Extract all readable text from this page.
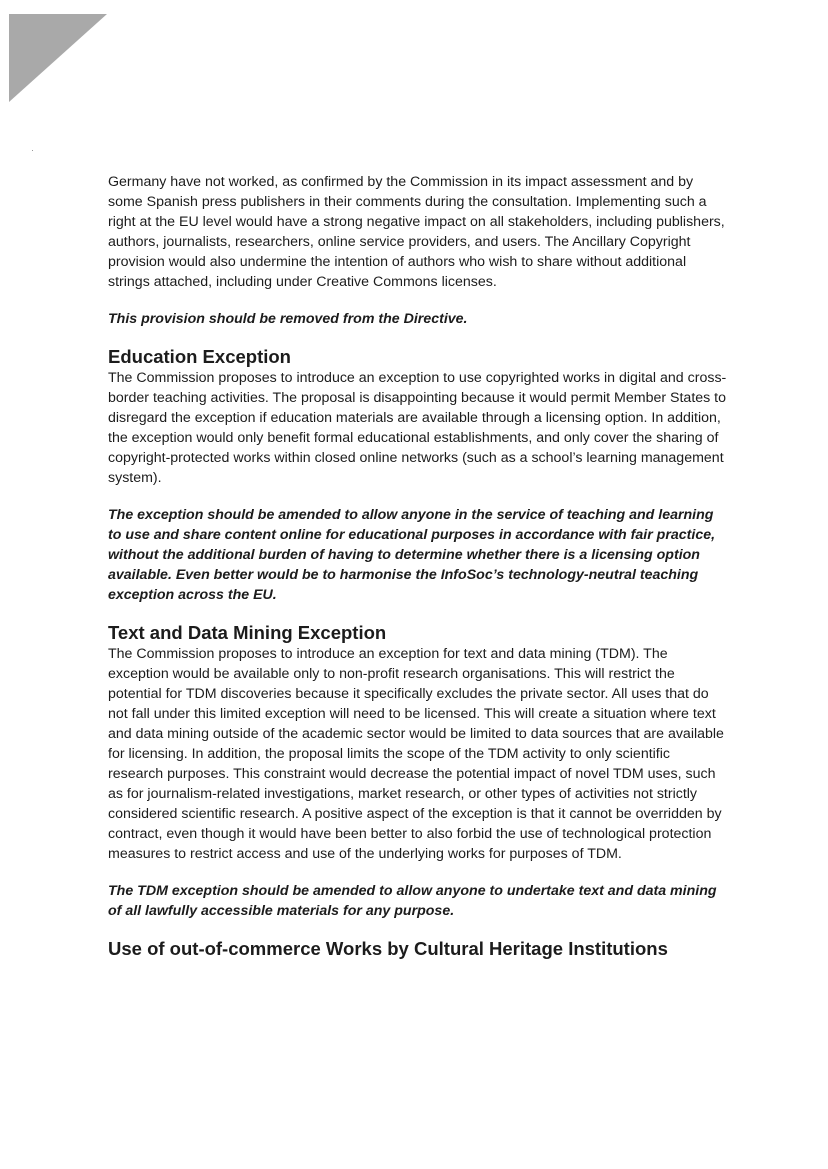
Germany have not worked, as confirmed by the Commission in its impact assessment and by some Spanish press publishers in their comments during the consultation. Implementing such a right at the EU level would have a strong negative impact on all stakeholders, including publishers, authors, journalists, researchers, online service providers, and users. The Ancillary Copyright provision would also undermine the intention of authors who wish to share without additional strings attached, including under Creative Commons licenses.

This provision should be removed from the Directive.

Education Exception

The Commission proposes to introduce an exception to use copyrighted works in digital and cross-border teaching activities. The proposal is disappointing because it would permit Member States to disregard the exception if education materials are available through a licensing option. In addition, the exception would only benefit formal educational establishments, and only cover the sharing of copyright-protected works within closed online networks (such as a school’s learning management system).

The exception should be amended to allow anyone in the service of teaching and learning to use and share content online for educational purposes in accordance with fair practice, without the additional burden of having to determine whether there is a licensing option available. Even better would be to harmonise the InfoSoc’s technology-neutral teaching exception across the EU.

Text and Data Mining Exception

The Commission proposes to introduce an exception for text and data mining (TDM). The exception would be available only to non-profit research organisations. This will restrict the potential for TDM discoveries because it specifically excludes the private sector. All uses that do not fall under this limited exception will need to be licensed. This will create a situation where text and data mining outside of the academic sector would be limited to data sources that are available for licensing. In addition, the proposal limits the scope of the TDM activity to only scientific research purposes. This constraint would decrease the potential impact of novel TDM uses, such as for journalism-related investigations, market research, or other types of activities not strictly considered scientific research. A positive aspect of the exception is that it cannot be overridden by contract, even though it would have been better to also forbid the use of technological protection measures to restrict access and use of the underlying works for purposes of TDM.

The TDM exception should be amended to allow anyone to undertake text and data mining of all lawfully accessible materials for any purpose.

Use of out-of-commerce Works by Cultural Heritage Institutions
